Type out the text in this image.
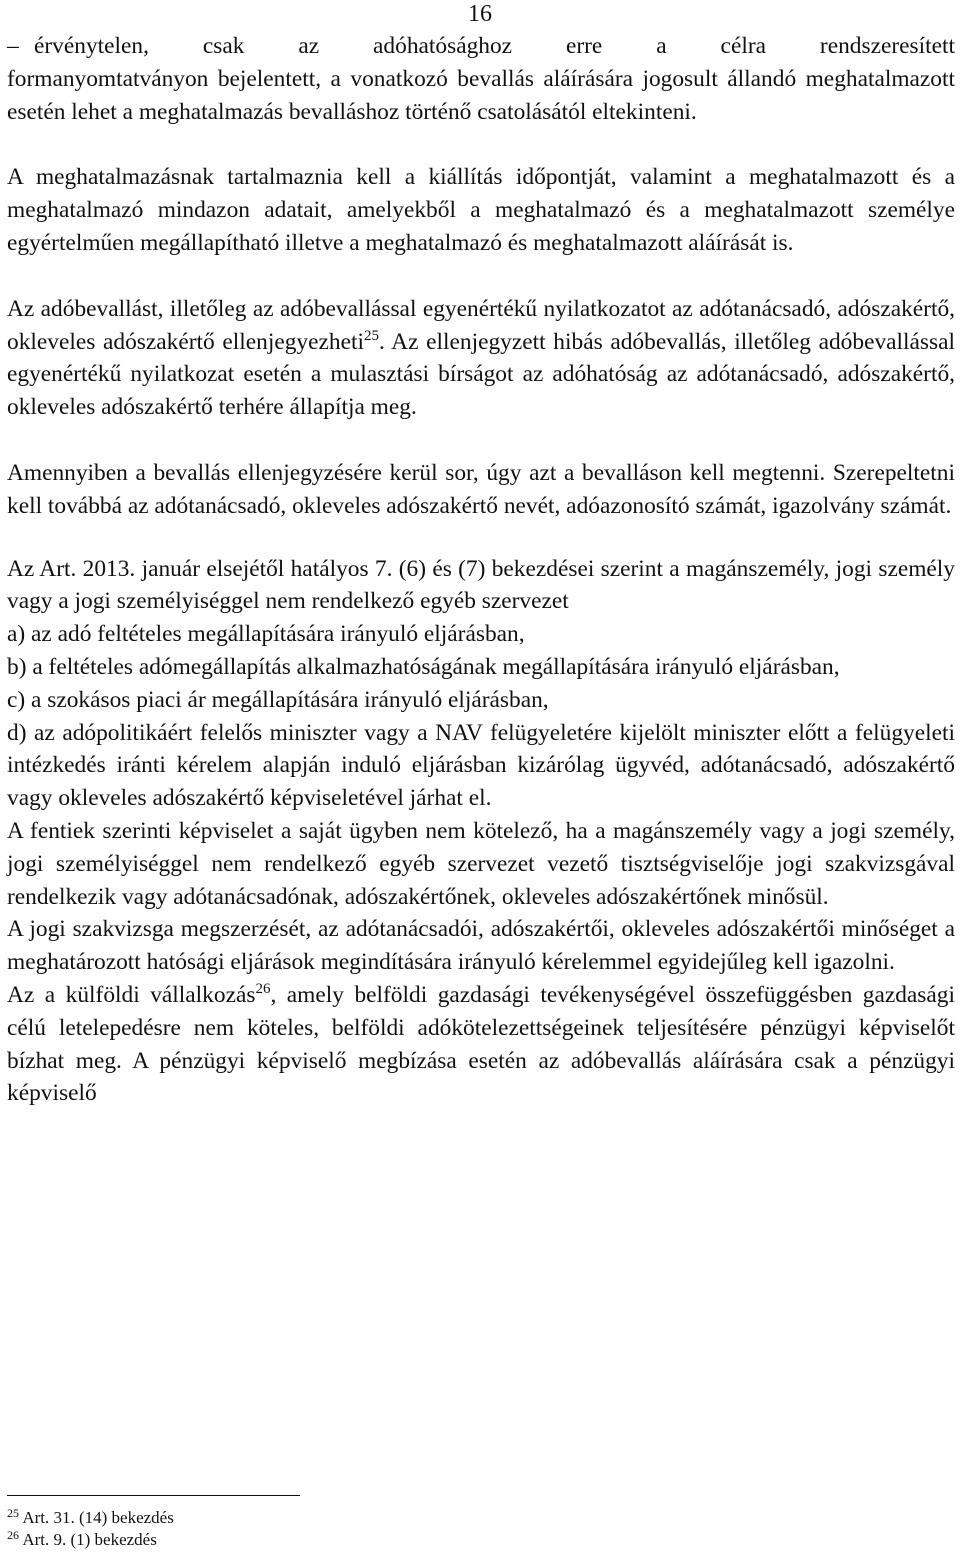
16

– érvénytelen, csak az adóhatósághoz erre a célra rendszeresített

formanyomtatványon bejelentett, a vonatkozó bevallás aláírására jogosult állandó meghatalmazott esetén lehet a meghatalmazás bevalláshoz történő csatolásától eltekinteni.

A meghatalmazásnak tartalmaznia kell a kiállítás időpontját, valamint a meghatalmazott és a meghatalmazó mindazon adatait, amelyekből a meghatalmazó és a meghatalmazott személye egyértelműen megállapítható illetve a meghatalmazó és meghatalmazott aláírását is.

Az adóbevallást, illetőleg az adóbevallással egyenértékű nyilatkozatot az adótanácsadó, adószakértő, okleveles adószakértő ellenjegyezheti$^{25}$. Az ellenjegyzett hibás adóbevallás, illetőleg adóbevallással egyenértékű nyilatkozat esetén a mulasztási bírságot az adóhatóság az adótanácsadó, adószakértő, okleveles adószakértő terhére állapítja meg.

Amennyiben a bevallás ellenjegyzésére kerül sor, úgy azt a bevalláson kell megtenni. Szerepeltetni kell továbbá az adótanácsadó, okleveles adószakértő nevét, adóazonosító számát, igazolvány számát.

Az Art. 2013. január elsejétől hatályos 7. (6) és (7) bekezdései szerint a magánszemély, jogi személy vagy a jogi személyiséggel nem rendelkező egyéb szervezet

a) az adó feltételes megállapítására irányuló eljárásban,

b) a feltételes adómegállapítás alkalmazhatóságának megállapítására irányuló eljárásban,

c) a szokásos piaci ár megállapítására irányuló eljárásban,

d) az adópolitikáért felelős miniszter vagy a NAV felügyeletére kijelölt miniszter előtt a felügyeleti intézkedés iránti kérelem alapján induló eljárásban kizárólag ügyvéd, adótanácsadó, adószakértő vagy okleveles adószakértő képviseletével járhat el.

A fentiek szerinti képviselet a saját ügyben nem kötelező, ha a magánszemély vagy a jogi személy, jogi személyiséggel nem rendelkező egyéb szervezet vezető tisztségviselője jogi szakvizsgával rendelkezik vagy adótanácsadónak, adószakértőnek, okleveles adószakértőnek minősül.

A jogi szakvizsga megszerzését, az adótanácsadói, adószakértői, okleveles adószakértői minőséget a meghatározott hatósági eljárások megindítására irányuló kérelemmel egyidejűleg kell igazolni.

Az a külföldi vállalkozás$^{26}$, amely belföldi gazdasági tevékenységével összefüggésben gazdasági célú letelepedésre nem köteles, belföldi adókötelezettségeinek teljesítésére pénzügyi képviselőt bízhat meg. A pénzügyi képviselő megbízása esetén az adóbevallás aláírására csak a pénzügyi képviselő

$^{25}$ Art. 31. (14) bekezdés
$^{26}$ Art. 9. (1) bekezdés
